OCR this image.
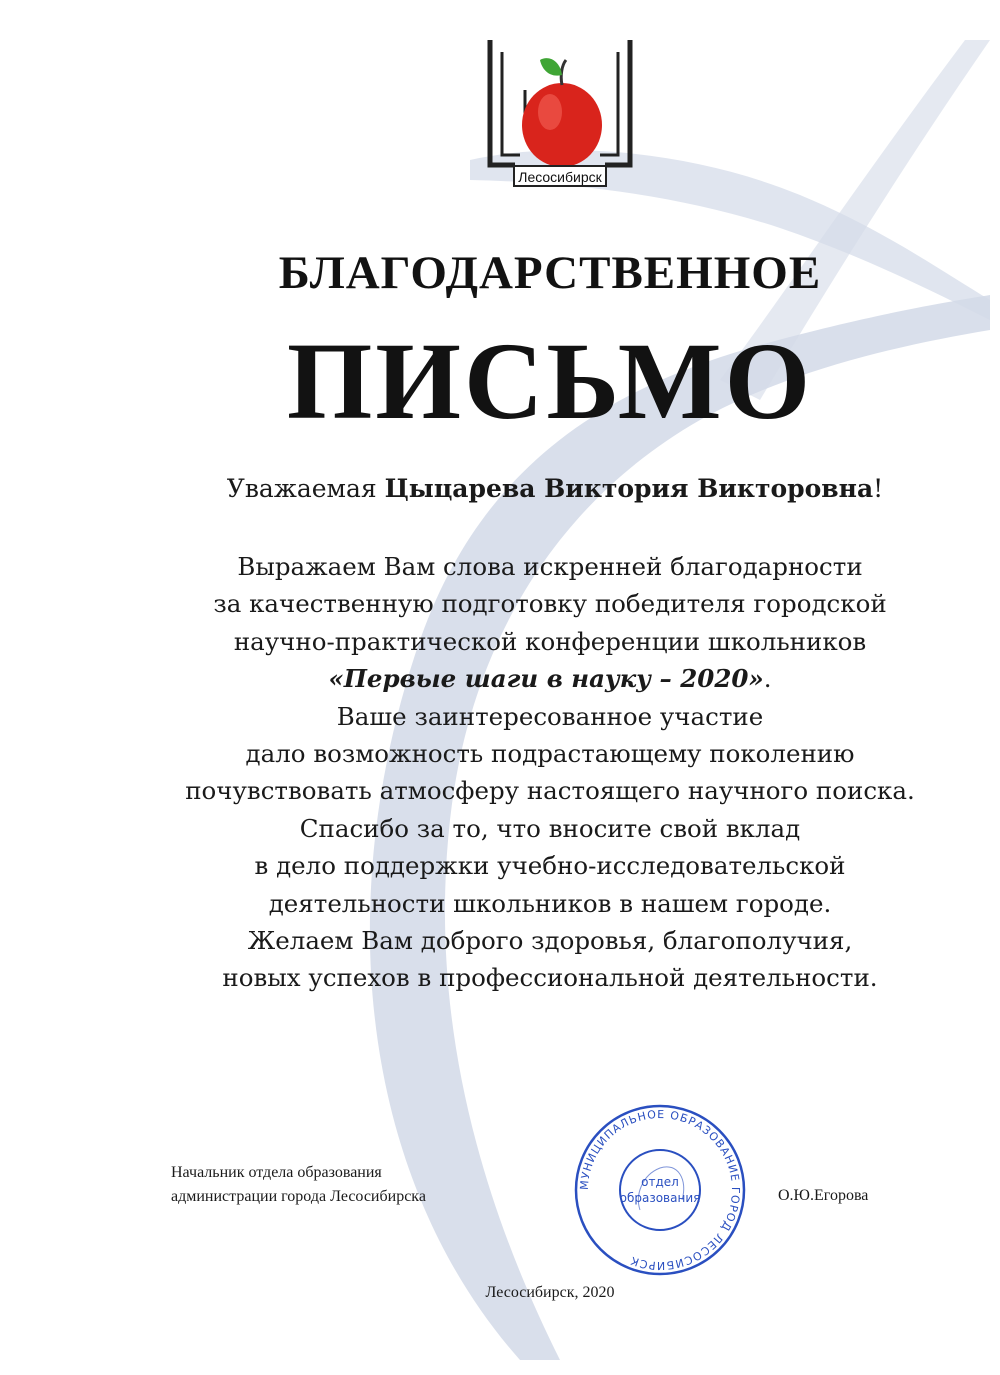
Лесосибирск
БЛАГОДАРСТВЕННОЕ
ПИСЬМО
Уважаемая Цыцарева Виктория Викторовна!
Выражаем Вам слова искренней благодарности
за качественную подготовку победителя городской
научно-практической конференции школьников
«Первые шаги в науку – 2020».
Ваше заинтересованное участие
дало возможность подрастающему поколению
почувствовать атмосферу настоящего научного поиска.
Спасибо за то, что вносите свой вклад
в дело поддержки учебно-исследовательской
деятельности школьников в нашем городе.
Желаем Вам доброго здоровья, благополучия,
новых успехов в профессиональной деятельности.
Начальник отдела образования
администрации города Лесосибирска
МУНИЦИПАЛЬНОЕ ОБРАЗОВАНИЕ ГОРОД ЛЕСОСИБИРСК
отдел
образования	О.Ю.Егорова
Лесосибирск, 2020
